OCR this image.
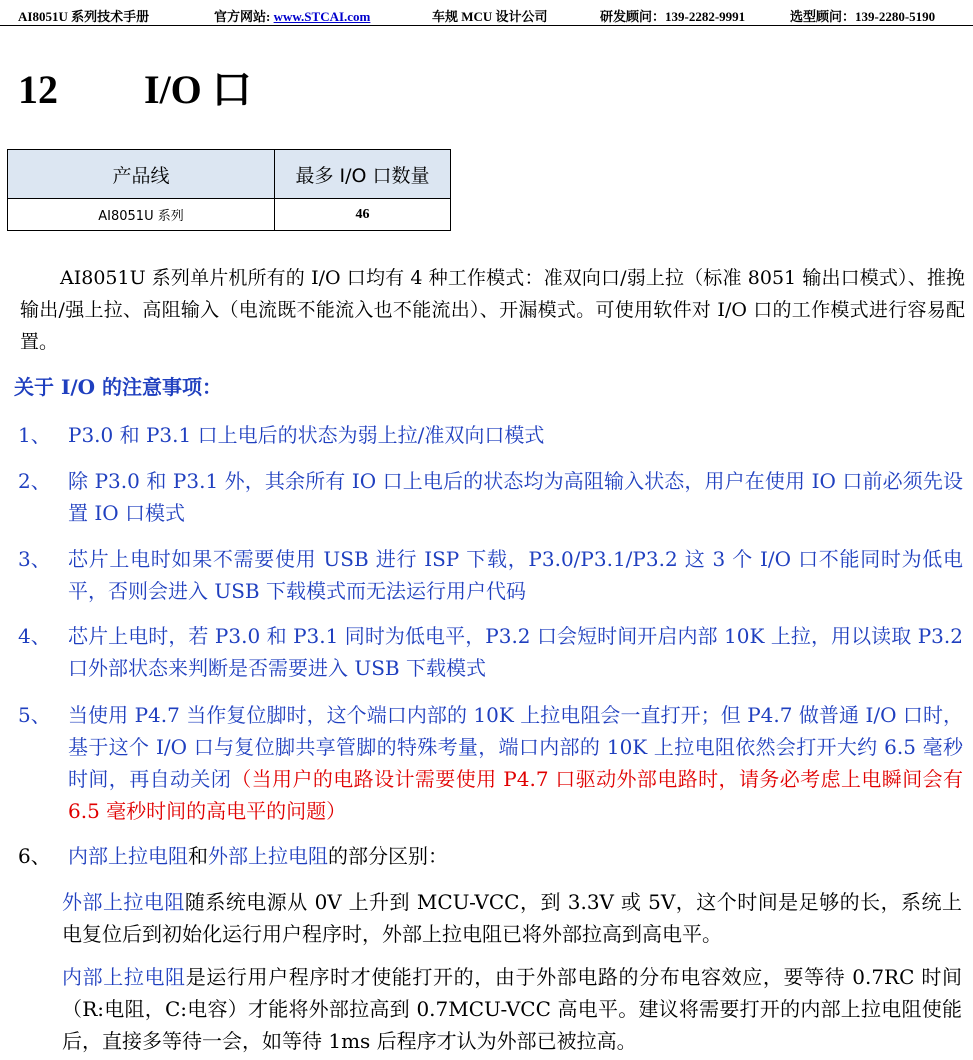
AI8051U 系列技术手册	官方网站: www.STCAI.com	车规 MCU 设计公司	研发顾问：139-2282-9991	选型顾问：139-2280-5190
12 I/O 口
产品线	最多 I/O 口数量
AI8051U 系列	46
AI8051U 系列单片机所有的 I/O 口均有 4 种工作模式：准双向口/弱上拉（标准 8051 输出口模式）、推挽输出/强上拉、高阻输入（电流既不能流入也不能流出）、开漏模式。可使用软件对 I/O 口的工作模式进行容易配置。
关于 I/O 的注意事项：
1、 P3.0 和 P3.1 口上电后的状态为弱上拉/准双向口模式
2、 除 P3.0 和 P3.1 外，其余所有 IO 口上电后的状态均为高阻输入状态，用户在使用 IO 口前必须先设置 IO 口模式
3、 芯片上电时如果不需要使用 USB 进行 ISP 下载，P3.0/P3.1/P3.2 这 3 个 I/O 口不能同时为低电平，否则会进入 USB 下载模式而无法运行用户代码
4、 芯片上电时，若 P3.0 和 P3.1 同时为低电平，P3.2 口会短时间开启内部 10K 上拉，用以读取 P3.2 口外部状态来判断是否需要进入 USB 下载模式
5、 当使用 P4.7 当作复位脚时，这个端口内部的 10K 上拉电阻会一直打开；但 P4.7 做普通 I/O 口时，基于这个 I/O 口与复位脚共享管脚的特殊考量，端口内部的 10K 上拉电阻依然会打开大约 6.5 毫秒时间，再自动关闭（当用户的电路设计需要使用 P4.7 口驱动外部电路时，请务必考虑上电瞬间会有 6.5 毫秒时间的高电平的问题）
6、 内部上拉电阻和外部上拉电阻的部分区别：
外部上拉电阻随系统电源从 0V 上升到 MCU-VCC，到 3.3V 或 5V，这个时间是足够的长，系统上电复位后到初始化运行用户程序时，外部上拉电阻已将外部拉高到高电平。
内部上拉电阻是运行用户程序时才使能打开的，由于外部电路的分布电容效应，要等待 0.7RC 时间（R:电阻，C:电容）才能将外部拉高到 0.7MCU-VCC 高电平。建议将需要打开的内部上拉电阻使能后，直接多等待一会，如等待 1ms 后程序才认为外部已被拉高。
